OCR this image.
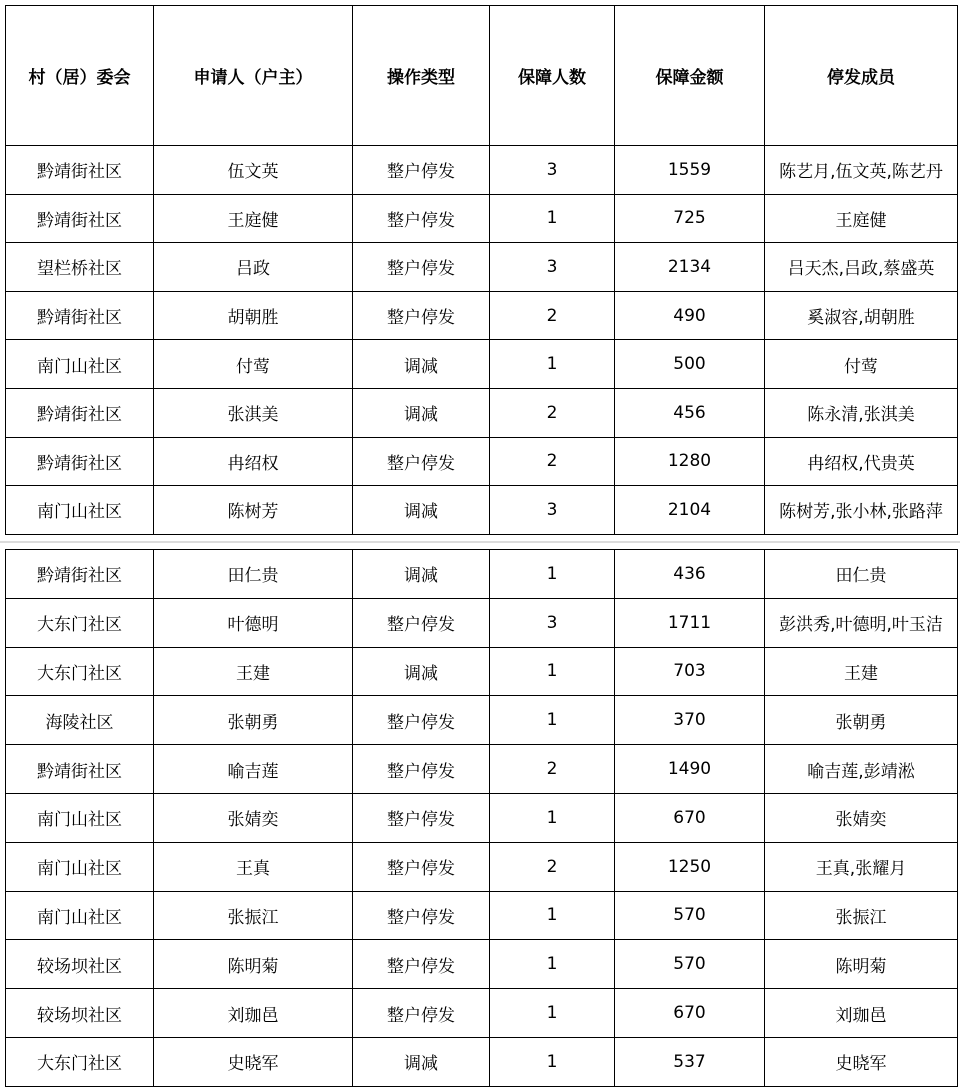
村（居）委会	申请人（户主）	操作类型	保障人数	保障金额	停发成员
黔靖街社区	伍文英	整户停发	3	1559	陈艺月,伍文英,陈艺丹
黔靖街社区	王庭健	整户停发	1	725	王庭健
望栏桥社区	吕政	整户停发	3	2134	吕天杰,吕政,蔡盛英
黔靖街社区	胡朝胜	整户停发	2	490	奚淑容,胡朝胜
南门山社区	付莺	调减	1	500	付莺
黔靖街社区	张淇美	调减	2	456	陈永清,张淇美
黔靖街社区	冉绍权	整户停发	2	1280	冉绍权,代贵英
南门山社区	陈树芳	调减	3	2104	陈树芳,张小林,张路萍
黔靖街社区	田仁贵	调减	1	436	田仁贵
大东门社区	叶德明	整户停发	3	1711	彭洪秀,叶德明,叶玉洁
大东门社区	王建	调减	1	703	王建
海陵社区	张朝勇	整户停发	1	370	张朝勇
黔靖街社区	喻吉莲	整户停发	2	1490	喻吉莲,彭靖淞
南门山社区	张婧奕	整户停发	1	670	张婧奕
南门山社区	王真	整户停发	2	1250	王真,张耀月
南门山社区	张振江	整户停发	1	570	张振江
较场坝社区	陈明菊	整户停发	1	570	陈明菊
较场坝社区	刘珈邑	整户停发	1	670	刘珈邑
大东门社区	史晓军	调减	1	537	史晓军
